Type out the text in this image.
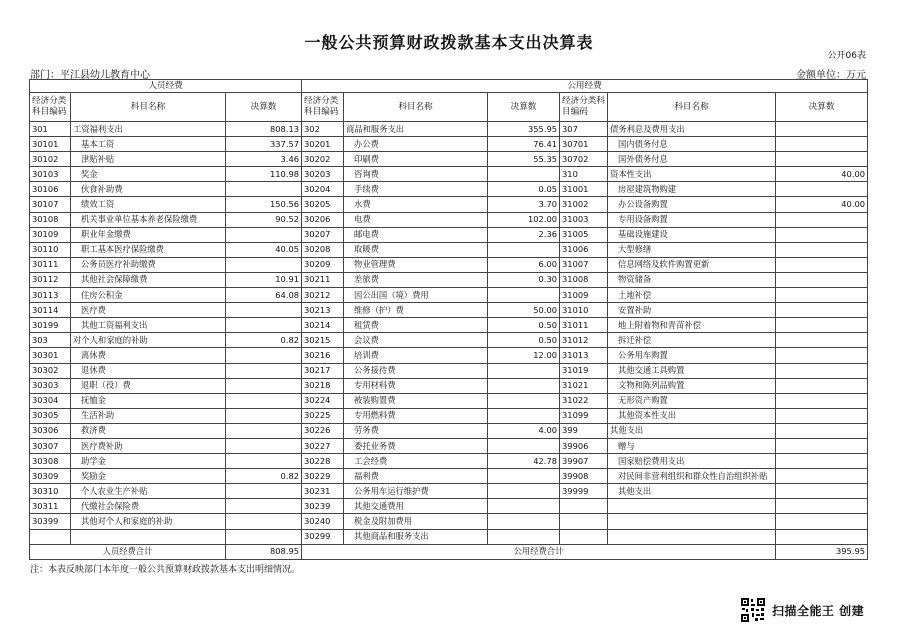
一般公共预算财政拨款基本支出决算表
公开06表
部门：平江县幼儿教育中心	金额单位：万元
人员经费			公用经费					
经济分类科目编码	科目名称	决算数	经济分类科目编码	科目名称	决算数	经济分类科目编码	科目名称	决算数
301	工资福利支出	808.13	302	商品和服务支出	355.95	307	债务利息及费用支出	
30101	基本工资	337.57	30201	办公费	76.41	30701	国内债务付息	
30102	津贴补贴	3.46	30202	印刷费	55.35	30702	国外债务付息	
30103	奖金	110.98	30203	咨询费		310	资本性支出	40.00
30106	伙食补助费		30204	手续费	0.05	31001	房屋建筑物购建	
30107	绩效工资	150.56	30205	水费	3.70	31002	办公设备购置	40.00
30108	机关事业单位基本养老保险缴费	90.52	30206	电费	102.00	31003	专用设备购置	
30109	职业年金缴费		30207	邮电费	2.36	31005	基础设施建设	
30110	职工基本医疗保险缴费	40.05	30208	取暖费		31006	大型修缮	
30111	公务员医疗补助缴费		30209	物业管理费	6.00	31007	信息网络及软件购置更新	
30112	其他社会保障缴费	10.91	30211	差旅费	0.30	31008	物资储备	
30113	住房公积金	64.08	30212	因公出国（境）费用		31009	土地补偿	
30114	医疗费		30213	维修（护）费	50.00	31010	安置补助	
30199	其他工资福利支出		30214	租赁费	0.50	31011	地上附着物和青苗补偿	
303	对个人和家庭的补助	0.82	30215	会议费	0.50	31012	拆迁补偿	
30301	离休费		30216	培训费	12.00	31013	公务用车购置	
30302	退休费		30217	公务接待费		31019	其他交通工具购置	
30303	退职（役）费		30218	专用材料费		31021	文物和陈列品购置	
30304	抚恤金		30224	被装购置费		31022	无形资产购置	
30305	生活补助		30225	专用燃料费		31099	其他资本性支出	
30306	救济费		30226	劳务费	4.00	399	其他支出	
30307	医疗费补助		30227	委托业务费		39906	赠与	
30308	助学金		30228	工会经费	42.78	39907	国家赔偿费用支出	
30309	奖励金	0.82	30229	福利费		39908	对民间非营利组织和群众性自治组织补贴	
30310	个人农业生产补贴		30231	公务用车运行维护费		39999	其他支出	
30311	代缴社会保险费		30239	其他交通费用				
30399	其他对个人和家庭的补助		30240	税金及附加费用				
			30299	其他商品和服务支出				
人员经费合计		808.95	公用经费合计					395.95
注：本表反映部门本年度一般公共预算财政拨款基本支出明细情况。
扫描全能王 创建
